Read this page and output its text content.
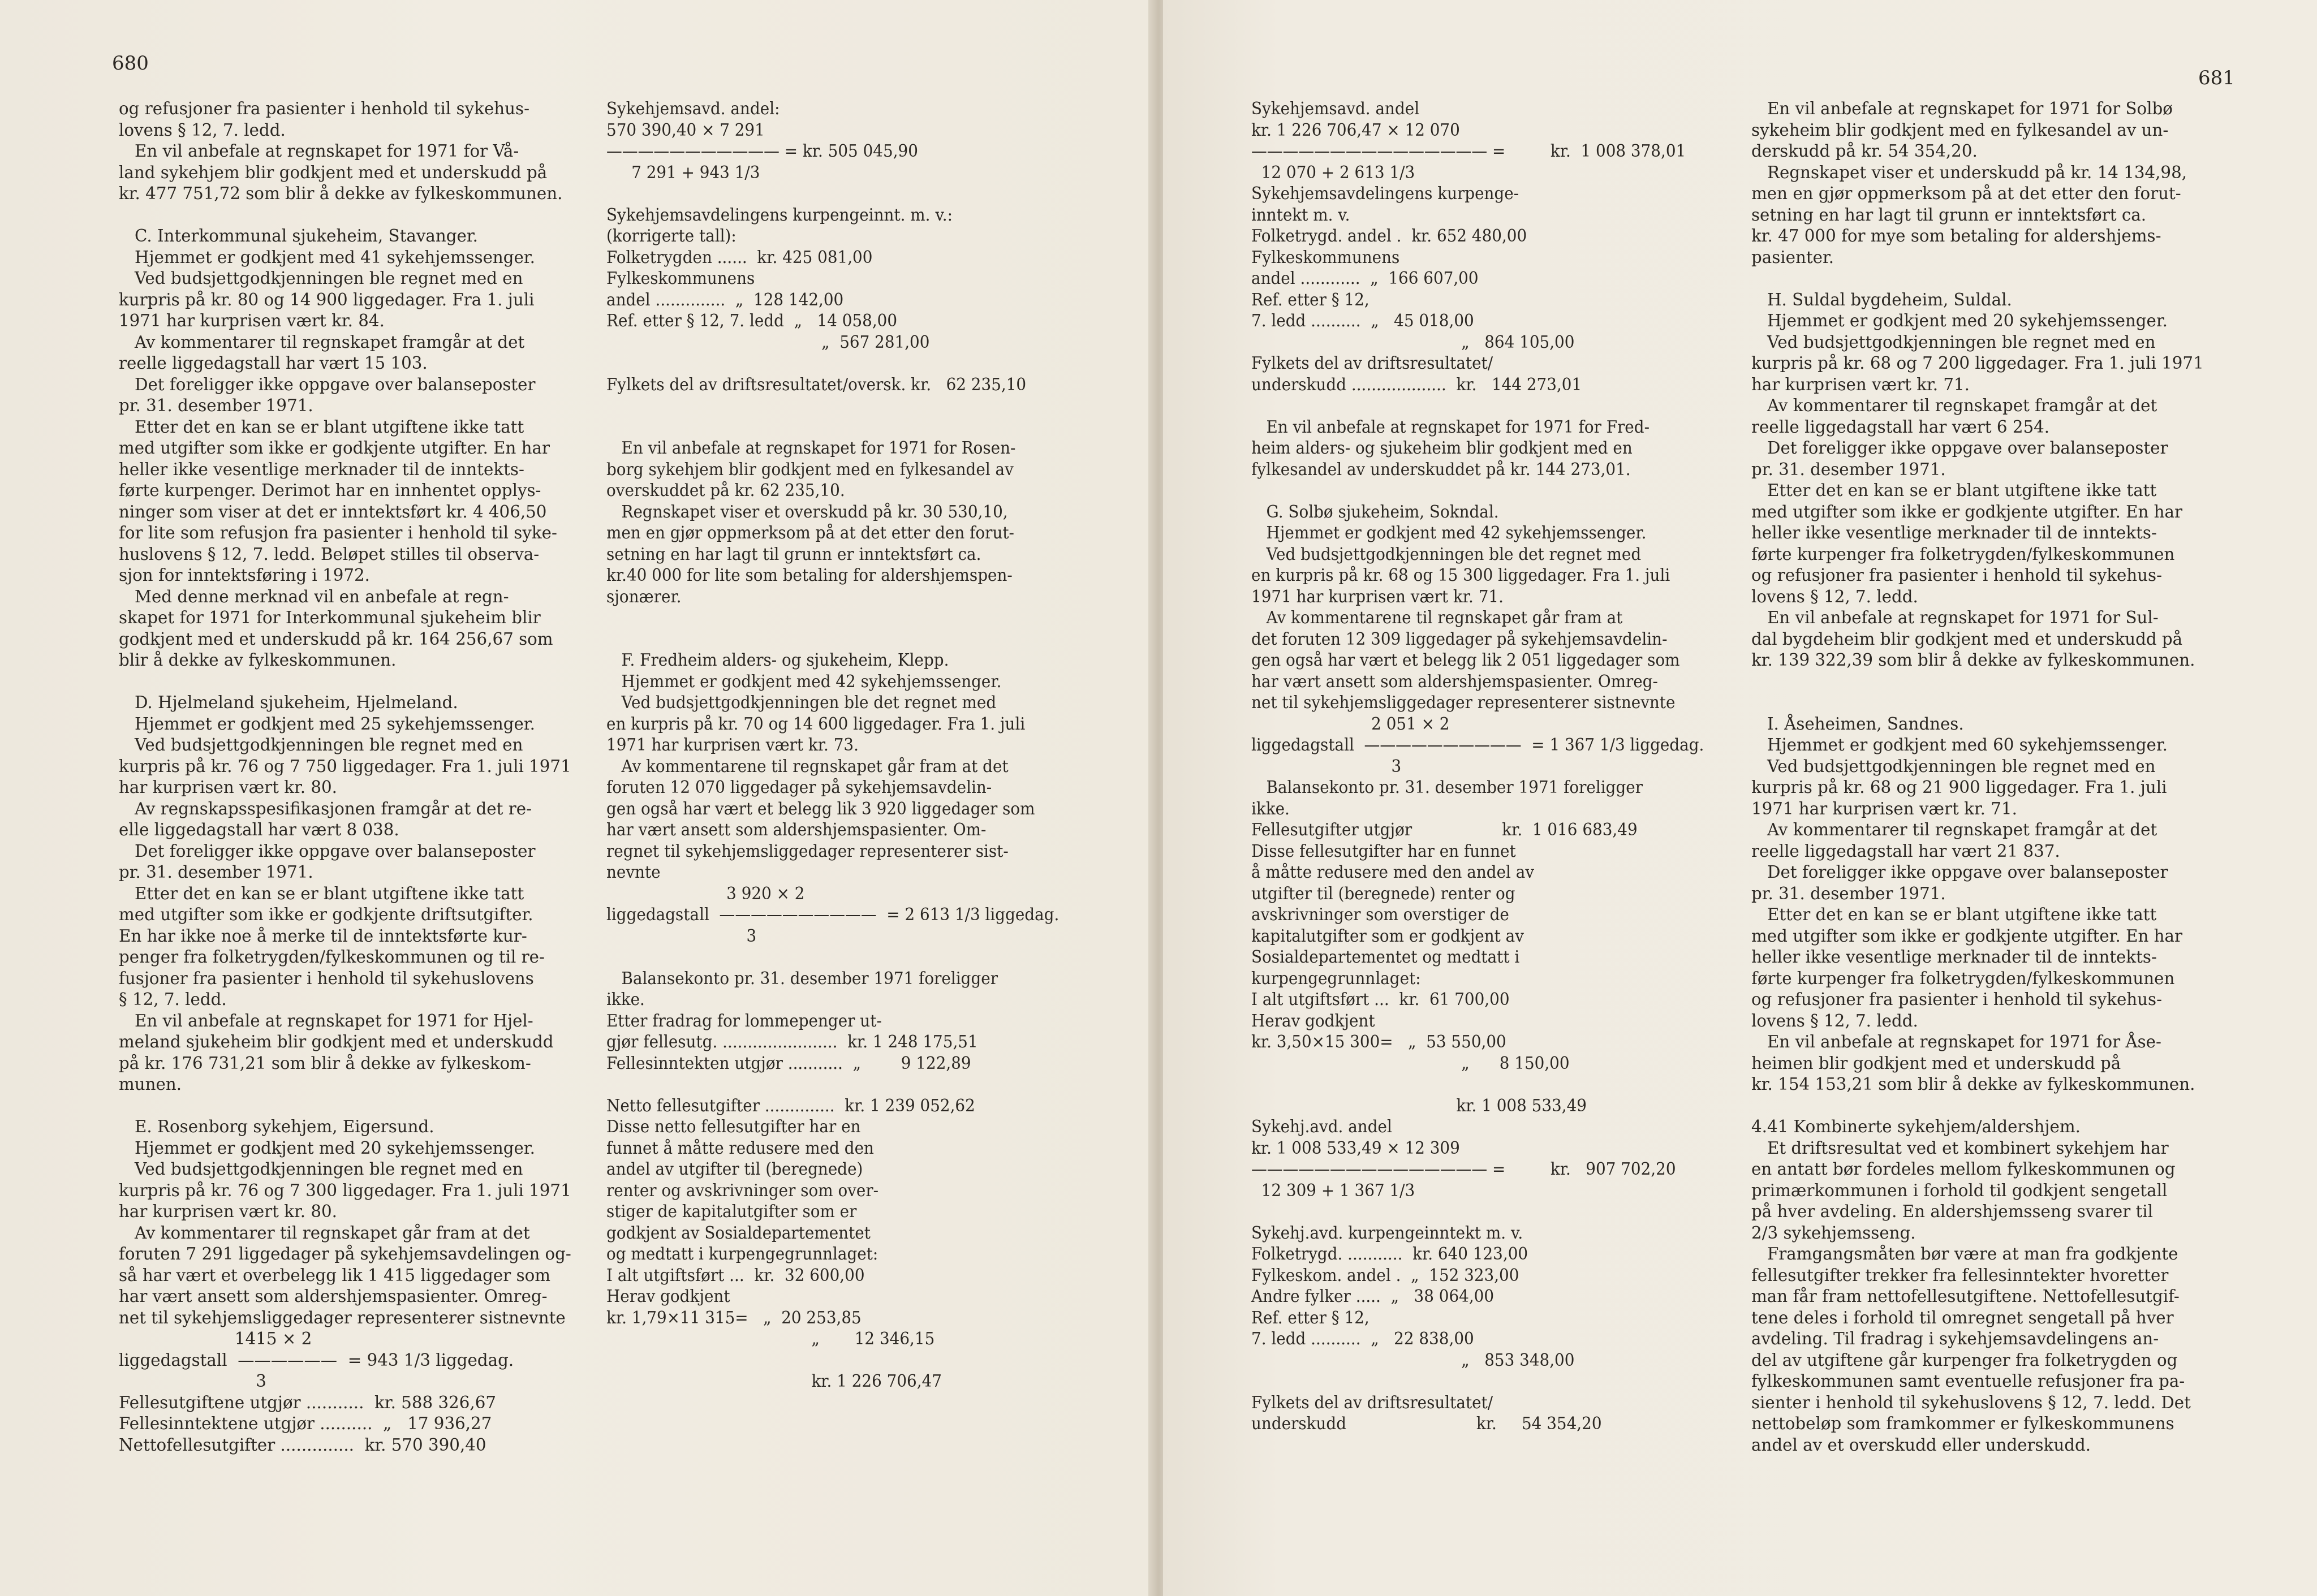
680
og refusjoner fra pasienter i henhold til sykehus-
lovens § 12, 7. ledd.
En vil anbefale at regnskapet for 1971 for Vå-
land sykehjem blir godkjent med et underskudd på
kr. 477 751,72 som blir å dekke av fylkeskommunen.
C. Interkommunal sjukeheim, Stavanger.
Hjemmet er godkjent med 41 sykehjemssenger.
Ved budsjettgodkjenningen ble regnet med en
kurpris på kr. 80 og 14 900 liggedager. Fra 1. juli
1971 har kurprisen vært kr. 84.
Av kommentarer til regnskapet framgår at det
reelle liggedagstall har vært 15 103.
Det foreligger ikke oppgave over balanseposter
pr. 31. desember 1971.
Etter det en kan se er blant utgiftene ikke tatt
med utgifter som ikke er godkjente utgifter. En har
heller ikke vesentlige merknader til de inntekts-
førte kurpenger. Derimot har en innhentet opplys-
ninger som viser at det er inntektsført kr. 4 406,50
for lite som refusjon fra pasienter i henhold til syke-
huslovens § 12, 7. ledd. Beløpet stilles til observa-
sjon for inntektsføring i 1972.
Med denne merknad vil en anbefale at regn-
skapet for 1971 for Interkommunal sjukeheim blir
godkjent med et underskudd på kr. 164 256,67 som
blir å dekke av fylkeskommunen.
D. Hjelmeland sjukeheim, Hjelmeland.
Hjemmet er godkjent med 25 sykehjemssenger.
Ved budsjettgodkjenningen ble regnet med en
kurpris på kr. 76 og 7 750 liggedager. Fra 1. juli 1971
har kurprisen vært kr. 80.
Av regnskapsspesifikasjonen framgår at det re-
elle liggedagstall har vært 8 038.
Det foreligger ikke oppgave over balanseposter
pr. 31. desember 1971.
Etter det en kan se er blant utgiftene ikke tatt
med utgifter som ikke er godkjente driftsutgifter.
En har ikke noe å merke til de inntektsførte kur-
penger fra folketrygden/fylkeskommunen og til re-
fusjoner fra pasienter i henhold til sykehuslovens
§ 12, 7. ledd.
En vil anbefale at regnskapet for 1971 for Hjel-
meland sjukeheim blir godkjent med et underskudd
på kr. 176 731,21 som blir å dekke av fylkeskom-
munen.
E. Rosenborg sykehjem, Eigersund.
Hjemmet er godkjent med 20 sykehjemssenger.
Ved budsjettgodkjenningen ble regnet med en
kurpris på kr. 76 og 7 300 liggedager. Fra 1. juli 1971
har kurprisen vært kr. 80.
Av kommentarer til regnskapet går fram at det
foruten 7 291 liggedager på sykehjemsavdelingen og-
så har vært et overbelegg lik 1 415 liggedager som
har vært ansett som aldershjemspasienter. Omreg-
net til sykehjemsliggedager representerer sistnevnte
1415 × 2
liggedagstall  ——————  = 943 1/3 liggedag.
3
Fellesutgiftene utgjør ...........  kr. 588 326,67
Fellesinntektene utgjør ..........  „   17 936,27
Nettofellesutgifter ..............  kr. 570 390,40
Sykehjemsavd. andel:
570 390,40 × 7 291
——————————— = kr. 505 045,90
7 291 + 943 1/3
Sykehjemsavdelingens kurpengeinnt. m. v.:
(korrigerte tall):
Folketrygden ......  kr. 425 081,00
Fylkeskommunens
andel ..............  „  128 142,00
Ref. etter § 12, 7. ledd  „   14 058,00
„  567 281,00
Fylkets del av driftsresultatet/oversk. kr.   62 235,10
En vil anbefale at regnskapet for 1971 for Rosen-
borg sykehjem blir godkjent med en fylkesandel av
overskuddet på kr. 62 235,10.
Regnskapet viser et overskudd på kr. 30 530,10,
men en gjør oppmerksom på at det etter den forut-
setning en har lagt til grunn er inntektsført ca.
kr.40 000 for lite som betaling for aldershjemspen-
sjonærer.
F. Fredheim alders- og sjukeheim, Klepp.
Hjemmet er godkjent med 42 sykehjemssenger.
Ved budsjettgodkjenningen ble det regnet med
en kurpris på kr. 70 og 14 600 liggedager. Fra 1. juli
1971 har kurprisen vært kr. 73.
Av kommentarene til regnskapet går fram at det
foruten 12 070 liggedager på sykehjemsavdelin-
gen også har vært et belegg lik 3 920 liggedager som
har vært ansett som aldershjemspasienter. Om-
regnet til sykehjemsliggedager representerer sist-
nevnte
3 920 × 2
liggedagstall  ——————————  = 2 613 1/3 liggedag.
3
Balansekonto pr. 31. desember 1971 foreligger
ikke.
Etter fradrag for lommepenger ut-
gjør fellesutg. .......................  kr. 1 248 175,51
Fellesinntekten utgjør ...........  „        9 122,89
Netto fellesutgifter ..............  kr. 1 239 052,62
Disse netto fellesutgifter har en
funnet å måtte redusere med den
andel av utgifter til (beregnede)
renter og avskrivninger som over-
stiger de kapitalutgifter som er
godkjent av Sosialdepartementet
og medtatt i kurpengegrunnlaget:
I alt utgiftsført ...  kr.  32 600,00
Herav godkjent
kr. 1,79×11 315=   „  20 253,85
„       12 346,15
kr. 1 226 706,47
681
Sykehjemsavd. andel
kr. 1 226 706,47 × 12 070
——————————————— =         kr.  1 008 378,01
12 070 + 2 613 1/3
Sykehjemsavdelingens kurpenge-
inntekt m. v.
Folketrygd. andel .  kr. 652 480,00
Fylkeskommunens
andel ............  „  166 607,00
Ref. etter § 12,
7. ledd ..........  „   45 018,00
„   864 105,00
Fylkets del av driftsresultatet/
underskudd ...................  kr.   144 273,01
En vil anbefale at regnskapet for 1971 for Fred-
heim alders- og sjukeheim blir godkjent med en
fylkesandel av underskuddet på kr. 144 273,01.
G. Solbø sjukeheim, Sokndal.
Hjemmet er godkjent med 42 sykehjemssenger.
Ved budsjettgodkjenningen ble det regnet med
en kurpris på kr. 68 og 15 300 liggedager. Fra 1. juli
1971 har kurprisen vært kr. 71.
Av kommentarene til regnskapet går fram at
det foruten 12 309 liggedager på sykehjemsavdelin-
gen også har vært et belegg lik 2 051 liggedager som
har vært ansett som aldershjemspasienter. Omreg-
net til sykehjemsliggedager representerer sistnevnte
2 051 × 2
liggedagstall  ——————————  = 1 367 1/3 liggedag.
3
Balansekonto pr. 31. desember 1971 foreligger
ikke.
Fellesutgifter utgjør                  kr.  1 016 683,49
Disse fellesutgifter har en funnet
å måtte redusere med den andel av
utgifter til (beregnede) renter og
avskrivninger som overstiger de
kapitalutgifter som er godkjent av
Sosialdepartementet og medtatt i
kurpengegrunnlaget:
I alt utgiftsført ...  kr.  61 700,00
Herav godkjent
kr. 3,50×15 300=   „  53 550,00
„      8 150,00
kr. 1 008 533,49
Sykehj.avd. andel
kr. 1 008 533,49 × 12 309
——————————————— =         kr.   907 702,20
12 309 + 1 367 1/3
Sykehj.avd. kurpengeinntekt m. v.
Folketrygd. ...........  kr. 640 123,00
Fylkeskom. andel .  „  152 323,00
Andre fylker .....  „   38 064,00
Ref. etter § 12,
7. ledd ..........  „   22 838,00
„   853 348,00
Fylkets del av driftsresultatet/
underskudd                          kr.     54 354,20
En vil anbefale at regnskapet for 1971 for Solbø
sykeheim blir godkjent med en fylkesandel av un-
derskudd på kr. 54 354,20.
Regnskapet viser et underskudd på kr. 14 134,98,
men en gjør oppmerksom på at det etter den forut-
setning en har lagt til grunn er inntektsført ca.
kr. 47 000 for mye som betaling for aldershjems-
pasienter.
H. Suldal bygdeheim, Suldal.
Hjemmet er godkjent med 20 sykehjemssenger.
Ved budsjettgodkjenningen ble regnet med en
kurpris på kr. 68 og 7 200 liggedager. Fra 1. juli 1971
har kurprisen vært kr. 71.
Av kommentarer til regnskapet framgår at det
reelle liggedagstall har vært 6 254.
Det foreligger ikke oppgave over balanseposter
pr. 31. desember 1971.
Etter det en kan se er blant utgiftene ikke tatt
med utgifter som ikke er godkjente utgifter. En har
heller ikke vesentlige merknader til de inntekts-
førte kurpenger fra folketrygden/fylkeskommunen
og refusjoner fra pasienter i henhold til sykehus-
lovens § 12, 7. ledd.
En vil anbefale at regnskapet for 1971 for Sul-
dal bygdeheim blir godkjent med et underskudd på
kr. 139 322,39 som blir å dekke av fylkeskommunen.
I. Åseheimen, Sandnes.
Hjemmet er godkjent med 60 sykehjemssenger.
Ved budsjettgodkjenningen ble regnet med en
kurpris på kr. 68 og 21 900 liggedager. Fra 1. juli
1971 har kurprisen vært kr. 71.
Av kommentarer til regnskapet framgår at det
reelle liggedagstall har vært 21 837.
Det foreligger ikke oppgave over balanseposter
pr. 31. desember 1971.
Etter det en kan se er blant utgiftene ikke tatt
med utgifter som ikke er godkjente utgifter. En har
heller ikke vesentlige merknader til de inntekts-
førte kurpenger fra folketrygden/fylkeskommunen
og refusjoner fra pasienter i henhold til sykehus-
lovens § 12, 7. ledd.
En vil anbefale at regnskapet for 1971 for Åse-
heimen blir godkjent med et underskudd på
kr. 154 153,21 som blir å dekke av fylkeskommunen.
4.41 Kombinerte sykehjem/aldershjem.
Et driftsresultat ved et kombinert sykehjem har
en antatt bør fordeles mellom fylkeskommunen og
primærkommunen i forhold til godkjent sengetall
på hver avdeling. En aldershjemsseng svarer til
2/3 sykehjemsseng.
Framgangsmåten bør være at man fra godkjente
fellesutgifter trekker fra fellesinntekter hvoretter
man får fram nettofellesutgiftene. Nettofellesutgif-
tene deles i forhold til omregnet sengetall på hver
avdeling. Til fradrag i sykehjemsavdelingens an-
del av utgiftene går kurpenger fra folketrygden og
fylkeskommunen samt eventuelle refusjoner fra pa-
sienter i henhold til sykehuslovens § 12, 7. ledd. Det
nettobeløp som framkommer er fylkeskommunens
andel av et overskudd eller underskudd.
